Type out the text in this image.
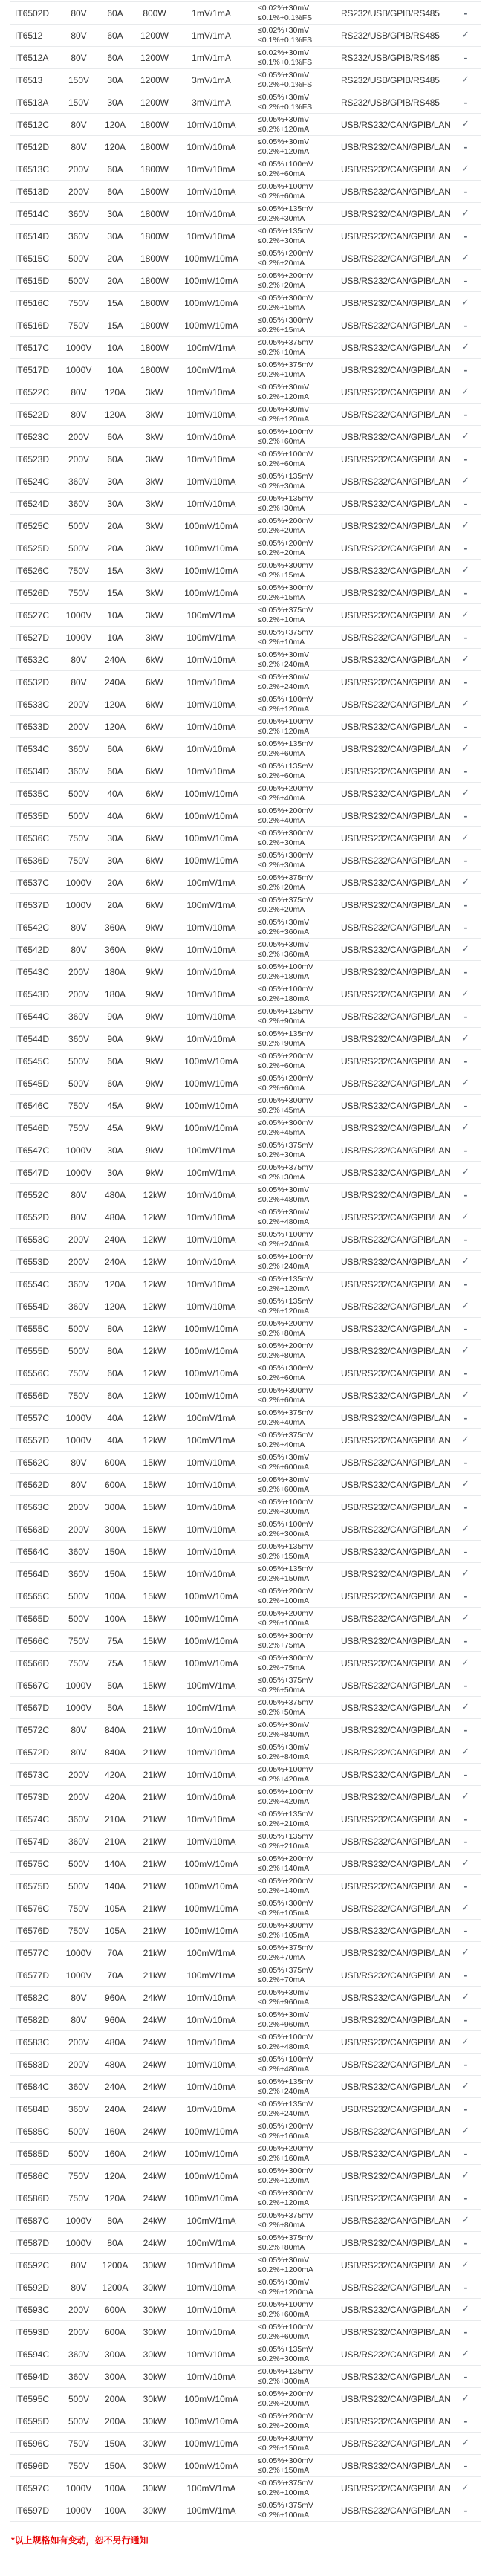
IT6502D	80V	60A	800W	1mV/1mA	≤0.02%+30mV
≤0.1%+0.1%FS	RS232/USB/GPIB/RS485	–
IT6512	80V	60A	1200W	1mV/1mA	≤0.02%+30mV
≤0.1%+0.1%FS	RS232/USB/GPIB/RS485	✓
IT6512A	80V	60A	1200W	1mV/1mA	≤0.02%+30mV
≤0.1%+0.1%FS	RS232/USB/GPIB/RS485	–
IT6513	150V	30A	1200W	3mV/1mA	≤0.05%+30mV
≤0.2%+0.1%FS	RS232/USB/GPIB/RS485	✓
IT6513A	150V	30A	1200W	3mV/1mA	≤0.05%+30mV
≤0.2%+0.1%FS	RS232/USB/GPIB/RS485	–
IT6512C	80V	120A	1800W	10mV/10mA	≤0.05%+30mV
≤0.2%+120mA	USB/RS232/CAN/GPIB/LAN	✓
IT6512D	80V	120A	1800W	10mV/10mA	≤0.05%+30mV
≤0.2%+120mA	USB/RS232/CAN/GPIB/LAN	–
IT6513C	200V	60A	1800W	10mV/10mA	≤0.05%+100mV
≤0.2%+60mA	USB/RS232/CAN/GPIB/LAN	✓
IT6513D	200V	60A	1800W	10mV/10mA	≤0.05%+100mV
≤0.2%+60mA	USB/RS232/CAN/GPIB/LAN	–
IT6514C	360V	30A	1800W	10mV/10mA	≤0.05%+135mV
≤0.2%+30mA	USB/RS232/CAN/GPIB/LAN	✓
IT6514D	360V	30A	1800W	10mV/10mA	≤0.05%+135mV
≤0.2%+30mA	USB/RS232/CAN/GPIB/LAN	–
IT6515C	500V	20A	1800W	100mV/10mA	≤0.05%+200mV
≤0.2%+20mA	USB/RS232/CAN/GPIB/LAN	✓
IT6515D	500V	20A	1800W	100mV/10mA	≤0.05%+200mV
≤0.2%+20mA	USB/RS232/CAN/GPIB/LAN	–
IT6516C	750V	15A	1800W	100mV/10mA	≤0.05%+300mV
≤0.2%+15mA	USB/RS232/CAN/GPIB/LAN	✓
IT6516D	750V	15A	1800W	100mV/10mA	≤0.05%+300mV
≤0.2%+15mA	USB/RS232/CAN/GPIB/LAN	–
IT6517C	1000V	10A	1800W	100mV/1mA	≤0.05%+375mV
≤0.2%+10mA	USB/RS232/CAN/GPIB/LAN	✓
IT6517D	1000V	10A	1800W	100mV/1mA	≤0.05%+375mV
≤0.2%+10mA	USB/RS232/CAN/GPIB/LAN	–
IT6522C	80V	120A	3kW	10mV/10mA	≤0.05%+30mV
≤0.2%+120mA	USB/RS232/CAN/GPIB/LAN	✓
IT6522D	80V	120A	3kW	10mV/10mA	≤0.05%+30mV
≤0.2%+120mA	USB/RS232/CAN/GPIB/LAN	–
IT6523C	200V	60A	3kW	10mV/10mA	≤0.05%+100mV
≤0.2%+60mA	USB/RS232/CAN/GPIB/LAN	✓
IT6523D	200V	60A	3kW	10mV/10mA	≤0.05%+100mV
≤0.2%+60mA	USB/RS232/CAN/GPIB/LAN	–
IT6524C	360V	30A	3kW	10mV/10mA	≤0.05%+135mV
≤0.2%+30mA	USB/RS232/CAN/GPIB/LAN	✓
IT6524D	360V	30A	3kW	10mV/10mA	≤0.05%+135mV
≤0.2%+30mA	USB/RS232/CAN/GPIB/LAN	–
IT6525C	500V	20A	3kW	100mV/10mA	≤0.05%+200mV
≤0.2%+20mA	USB/RS232/CAN/GPIB/LAN	✓
IT6525D	500V	20A	3kW	100mV/10mA	≤0.05%+200mV
≤0.2%+20mA	USB/RS232/CAN/GPIB/LAN	–
IT6526C	750V	15A	3kW	100mV/10mA	≤0.05%+300mV
≤0.2%+15mA	USB/RS232/CAN/GPIB/LAN	✓
IT6526D	750V	15A	3kW	100mV/10mA	≤0.05%+300mV
≤0.2%+15mA	USB/RS232/CAN/GPIB/LAN	–
IT6527C	1000V	10A	3kW	100mV/1mA	≤0.05%+375mV
≤0.2%+10mA	USB/RS232/CAN/GPIB/LAN	✓
IT6527D	1000V	10A	3kW	100mV/1mA	≤0.05%+375mV
≤0.2%+10mA	USB/RS232/CAN/GPIB/LAN	–
IT6532C	80V	240A	6kW	10mV/10mA	≤0.05%+30mV
≤0.2%+240mA	USB/RS232/CAN/GPIB/LAN	✓
IT6532D	80V	240A	6kW	10mV/10mA	≤0.05%+30mV
≤0.2%+240mA	USB/RS232/CAN/GPIB/LAN	–
IT6533C	200V	120A	6kW	10mV/10mA	≤0.05%+100mV
≤0.2%+120mA	USB/RS232/CAN/GPIB/LAN	✓
IT6533D	200V	120A	6kW	10mV/10mA	≤0.05%+100mV
≤0.2%+120mA	USB/RS232/CAN/GPIB/LAN	–
IT6534C	360V	60A	6kW	10mV/10mA	≤0.05%+135mV
≤0.2%+60mA	USB/RS232/CAN/GPIB/LAN	✓
IT6534D	360V	60A	6kW	10mV/10mA	≤0.05%+135mV
≤0.2%+60mA	USB/RS232/CAN/GPIB/LAN	–
IT6535C	500V	40A	6kW	100mV/10mA	≤0.05%+200mV
≤0.2%+40mA	USB/RS232/CAN/GPIB/LAN	✓
IT6535D	500V	40A	6kW	100mV/10mA	≤0.05%+200mV
≤0.2%+40mA	USB/RS232/CAN/GPIB/LAN	–
IT6536C	750V	30A	6kW	100mV/10mA	≤0.05%+300mV
≤0.2%+30mA	USB/RS232/CAN/GPIB/LAN	✓
IT6536D	750V	30A	6kW	100mV/10mA	≤0.05%+300mV
≤0.2%+30mA	USB/RS232/CAN/GPIB/LAN	–
IT6537C	1000V	20A	6kW	100mV/1mA	≤0.05%+375mV
≤0.2%+20mA	USB/RS232/CAN/GPIB/LAN	✓
IT6537D	1000V	20A	6kW	100mV/1mA	≤0.05%+375mV
≤0.2%+20mA	USB/RS232/CAN/GPIB/LAN	–
IT6542C	80V	360A	9kW	10mV/10mA	≤0.05%+30mV
≤0.2%+360mA	USB/RS232/CAN/GPIB/LAN	–
IT6542D	80V	360A	9kW	10mV/10mA	≤0.05%+30mV
≤0.2%+360mA	USB/RS232/CAN/GPIB/LAN	✓
IT6543C	200V	180A	9kW	10mV/10mA	≤0.05%+100mV
≤0.2%+180mA	USB/RS232/CAN/GPIB/LAN	–
IT6543D	200V	180A	9kW	10mV/10mA	≤0.05%+100mV
≤0.2%+180mA	USB/RS232/CAN/GPIB/LAN	✓
IT6544C	360V	90A	9kW	10mV/10mA	≤0.05%+135mV
≤0.2%+90mA	USB/RS232/CAN/GPIB/LAN	–
IT6544D	360V	90A	9kW	10mV/10mA	≤0.05%+135mV
≤0.2%+90mA	USB/RS232/CAN/GPIB/LAN	✓
IT6545C	500V	60A	9kW	100mV/10mA	≤0.05%+200mV
≤0.2%+60mA	USB/RS232/CAN/GPIB/LAN	–
IT6545D	500V	60A	9kW	100mV/10mA	≤0.05%+200mV
≤0.2%+60mA	USB/RS232/CAN/GPIB/LAN	✓
IT6546C	750V	45A	9kW	100mV/10mA	≤0.05%+300mV
≤0.2%+45mA	USB/RS232/CAN/GPIB/LAN	–
IT6546D	750V	45A	9kW	100mV/10mA	≤0.05%+300mV
≤0.2%+45mA	USB/RS232/CAN/GPIB/LAN	✓
IT6547C	1000V	30A	9kW	100mV/1mA	≤0.05%+375mV
≤0.2%+30mA	USB/RS232/CAN/GPIB/LAN	–
IT6547D	1000V	30A	9kW	100mV/1mA	≤0.05%+375mV
≤0.2%+30mA	USB/RS232/CAN/GPIB/LAN	✓
IT6552C	80V	480A	12kW	10mV/10mA	≤0.05%+30mV
≤0.2%+480mA	USB/RS232/CAN/GPIB/LAN	–
IT6552D	80V	480A	12kW	10mV/10mA	≤0.05%+30mV
≤0.2%+480mA	USB/RS232/CAN/GPIB/LAN	✓
IT6553C	200V	240A	12kW	10mV/10mA	≤0.05%+100mV
≤0.2%+240mA	USB/RS232/CAN/GPIB/LAN	–
IT6553D	200V	240A	12kW	10mV/10mA	≤0.05%+100mV
≤0.2%+240mA	USB/RS232/CAN/GPIB/LAN	✓
IT6554C	360V	120A	12kW	10mV/10mA	≤0.05%+135mV
≤0.2%+120mA	USB/RS232/CAN/GPIB/LAN	–
IT6554D	360V	120A	12kW	10mV/10mA	≤0.05%+135mV
≤0.2%+120mA	USB/RS232/CAN/GPIB/LAN	✓
IT6555C	500V	80A	12kW	100mV/10mA	≤0.05%+200mV
≤0.2%+80mA	USB/RS232/CAN/GPIB/LAN	–
IT6555D	500V	80A	12kW	100mV/10mA	≤0.05%+200mV
≤0.2%+80mA	USB/RS232/CAN/GPIB/LAN	✓
IT6556C	750V	60A	12kW	100mV/10mA	≤0.05%+300mV
≤0.2%+60mA	USB/RS232/CAN/GPIB/LAN	–
IT6556D	750V	60A	12kW	100mV/10mA	≤0.05%+300mV
≤0.2%+60mA	USB/RS232/CAN/GPIB/LAN	✓
IT6557C	1000V	40A	12kW	100mV/1mA	≤0.05%+375mV
≤0.2%+40mA	USB/RS232/CAN/GPIB/LAN	–
IT6557D	1000V	40A	12kW	100mV/1mA	≤0.05%+375mV
≤0.2%+40mA	USB/RS232/CAN/GPIB/LAN	✓
IT6562C	80V	600A	15kW	10mV/10mA	≤0.05%+30mV
≤0.2%+600mA	USB/RS232/CAN/GPIB/LAN	–
IT6562D	80V	600A	15kW	10mV/10mA	≤0.05%+30mV
≤0.2%+600mA	USB/RS232/CAN/GPIB/LAN	✓
IT6563C	200V	300A	15kW	10mV/10mA	≤0.05%+100mV
≤0.2%+300mA	USB/RS232/CAN/GPIB/LAN	–
IT6563D	200V	300A	15kW	10mV/10mA	≤0.05%+100mV
≤0.2%+300mA	USB/RS232/CAN/GPIB/LAN	✓
IT6564C	360V	150A	15kW	10mV/10mA	≤0.05%+135mV
≤0.2%+150mA	USB/RS232/CAN/GPIB/LAN	–
IT6564D	360V	150A	15kW	10mV/10mA	≤0.05%+135mV
≤0.2%+150mA	USB/RS232/CAN/GPIB/LAN	✓
IT6565C	500V	100A	15kW	100mV/10mA	≤0.05%+200mV
≤0.2%+100mA	USB/RS232/CAN/GPIB/LAN	–
IT6565D	500V	100A	15kW	100mV/10mA	≤0.05%+200mV
≤0.2%+100mA	USB/RS232/CAN/GPIB/LAN	✓
IT6566C	750V	75A	15kW	100mV/10mA	≤0.05%+300mV
≤0.2%+75mA	USB/RS232/CAN/GPIB/LAN	–
IT6566D	750V	75A	15kW	100mV/10mA	≤0.05%+300mV
≤0.2%+75mA	USB/RS232/CAN/GPIB/LAN	✓
IT6567C	1000V	50A	15kW	100mV/1mA	≤0.05%+375mV
≤0.2%+50mA	USB/RS232/CAN/GPIB/LAN	–
IT6567D	1000V	50A	15kW	100mV/1mA	≤0.05%+375mV
≤0.2%+50mA	USB/RS232/CAN/GPIB/LAN	✓
IT6572C	80V	840A	21kW	10mV/10mA	≤0.05%+30mV
≤0.2%+840mA	USB/RS232/CAN/GPIB/LAN	–
IT6572D	80V	840A	21kW	10mV/10mA	≤0.05%+30mV
≤0.2%+840mA	USB/RS232/CAN/GPIB/LAN	✓
IT6573C	200V	420A	21kW	10mV/10mA	≤0.05%+100mV
≤0.2%+420mA	USB/RS232/CAN/GPIB/LAN	–
IT6573D	200V	420A	21kW	10mV/10mA	≤0.05%+100mV
≤0.2%+420mA	USB/RS232/CAN/GPIB/LAN	✓
IT6574C	360V	210A	21kW	10mV/10mA	≤0.05%+135mV
≤0.2%+210mA	USB/RS232/CAN/GPIB/LAN	–
IT6574D	360V	210A	21kW	10mV/10mA	≤0.05%+135mV
≤0.2%+210mA	USB/RS232/CAN/GPIB/LAN	–
IT6575C	500V	140A	21kW	100mV/10mA	≤0.05%+200mV
≤0.2%+140mA	USB/RS232/CAN/GPIB/LAN	✓
IT6575D	500V	140A	21kW	100mV/10mA	≤0.05%+200mV
≤0.2%+140mA	USB/RS232/CAN/GPIB/LAN	–
IT6576C	750V	105A	21kW	100mV/10mA	≤0.05%+300mV
≤0.2%+105mA	USB/RS232/CAN/GPIB/LAN	✓
IT6576D	750V	105A	21kW	100mV/10mA	≤0.05%+300mV
≤0.2%+105mA	USB/RS232/CAN/GPIB/LAN	–
IT6577C	1000V	70A	21kW	100mV/1mA	≤0.05%+375mV
≤0.2%+70mA	USB/RS232/CAN/GPIB/LAN	✓
IT6577D	1000V	70A	21kW	100mV/1mA	≤0.05%+375mV
≤0.2%+70mA	USB/RS232/CAN/GPIB/LAN	–
IT6582C	80V	960A	24kW	10mV/10mA	≤0.05%+30mV
≤0.2%+960mA	USB/RS232/CAN/GPIB/LAN	✓
IT6582D	80V	960A	24kW	10mV/10mA	≤0.05%+30mV
≤0.2%+960mA	USB/RS232/CAN/GPIB/LAN	–
IT6583C	200V	480A	24kW	10mV/10mA	≤0.05%+100mV
≤0.2%+480mA	USB/RS232/CAN/GPIB/LAN	✓
IT6583D	200V	480A	24kW	10mV/10mA	≤0.05%+100mV
≤0.2%+480mA	USB/RS232/CAN/GPIB/LAN	–
IT6584C	360V	240A	24kW	10mV/10mA	≤0.05%+135mV
≤0.2%+240mA	USB/RS232/CAN/GPIB/LAN	✓
IT6584D	360V	240A	24kW	10mV/10mA	≤0.05%+135mV
≤0.2%+240mA	USB/RS232/CAN/GPIB/LAN	–
IT6585C	500V	160A	24kW	100mV/10mA	≤0.05%+200mV
≤0.2%+160mA	USB/RS232/CAN/GPIB/LAN	✓
IT6585D	500V	160A	24kW	100mV/10mA	≤0.05%+200mV
≤0.2%+160mA	USB/RS232/CAN/GPIB/LAN	–
IT6586C	750V	120A	24kW	100mV/10mA	≤0.05%+300mV
≤0.2%+120mA	USB/RS232/CAN/GPIB/LAN	✓
IT6586D	750V	120A	24kW	100mV/10mA	≤0.05%+300mV
≤0.2%+120mA	USB/RS232/CAN/GPIB/LAN	–
IT6587C	1000V	80A	24kW	100mV/1mA	≤0.05%+375mV
≤0.2%+80mA	USB/RS232/CAN/GPIB/LAN	✓
IT6587D	1000V	80A	24kW	100mV/1mA	≤0.05%+375mV
≤0.2%+80mA	USB/RS232/CAN/GPIB/LAN	–
IT6592C	80V	1200A	30kW	10mV/10mA	≤0.05%+30mV
≤0.2%+1200mA	USB/RS232/CAN/GPIB/LAN	✓
IT6592D	80V	1200A	30kW	10mV/10mA	≤0.05%+30mV
≤0.2%+1200mA	USB/RS232/CAN/GPIB/LAN	–
IT6593C	200V	600A	30kW	10mV/10mA	≤0.05%+100mV
≤0.2%+600mA	USB/RS232/CAN/GPIB/LAN	✓
IT6593D	200V	600A	30kW	10mV/10mA	≤0.05%+100mV
≤0.2%+600mA	USB/RS232/CAN/GPIB/LAN	–
IT6594C	360V	300A	30kW	10mV/10mA	≤0.05%+135mV
≤0.2%+300mA	USB/RS232/CAN/GPIB/LAN	✓
IT6594D	360V	300A	30kW	10mV/10mA	≤0.05%+135mV
≤0.2%+300mA	USB/RS232/CAN/GPIB/LAN	–
IT6595C	500V	200A	30kW	100mV/10mA	≤0.05%+200mV
≤0.2%+200mA	USB/RS232/CAN/GPIB/LAN	✓
IT6595D	500V	200A	30kW	100mV/10mA	≤0.05%+200mV
≤0.2%+200mA	USB/RS232/CAN/GPIB/LAN	–
IT6596C	750V	150A	30kW	100mV/10mA	≤0.05%+300mV
≤0.2%+150mA	USB/RS232/CAN/GPIB/LAN	✓
IT6596D	750V	150A	30kW	100mV/10mA	≤0.05%+300mV
≤0.2%+150mA	USB/RS232/CAN/GPIB/LAN	–
IT6597C	1000V	100A	30kW	100mV/1mA	≤0.05%+375mV
≤0.2%+100mA	USB/RS232/CAN/GPIB/LAN	✓
IT6597D	1000V	100A	30kW	100mV/1mA	≤0.05%+375mV
≤0.2%+100mA	USB/RS232/CAN/GPIB/LAN	–
*以上规格如有变动，恕不另行通知
